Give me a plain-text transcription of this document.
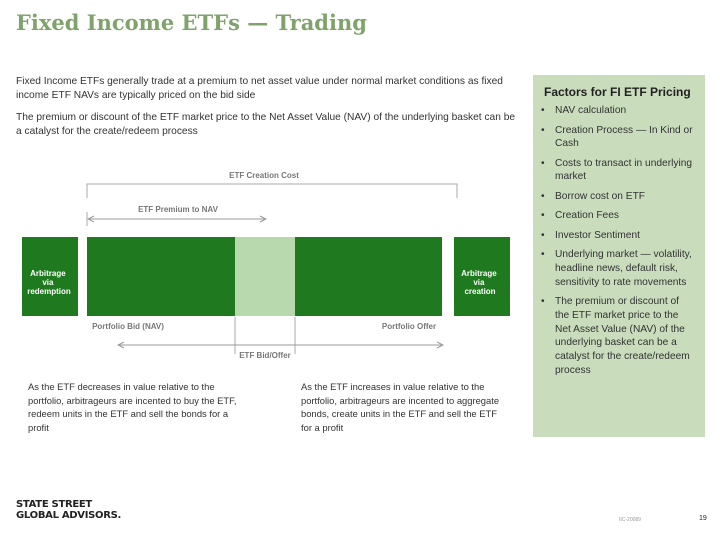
Fixed Income ETFs — Trading
Fixed Income ETFs generally trade at a premium to net asset value under normal market conditions as fixed income ETF NAVs are typically priced on the bid side
The premium or discount of the ETF market price to the Net Asset Value (NAV) of the underlying basket can be a catalyst for the create/redeem process
Factors for FI ETF Pricing
• NAV calculation
• Creation Process — In Kind or Cash
• Costs to transact in underlying market
• Borrow cost on ETF
• Creation Fees
• Investor Sentiment
• Underlying market — volatility, headline news, default risk, sensitivity to rate movements
• The premium or discount of the ETF market price to the Net Asset Value (NAV) of the underlying basket can be a catalyst for the create/redeem process
ETF Creation Cost
ETF Premium to NAV
Arbitrage via redemption
Arbitrage via creation
Portfolio Bid (NAV)	Portfolio Offer
ETF Bid/Offer
As the ETF decreases in value relative to the portfolio, arbitrageurs are incented to buy the ETF, redeem units in the ETF and sell the bonds for a profit
As the ETF increases in value relative to the portfolio, arbitrageurs are incented to aggregate bonds, create units in the ETF and sell the ETF for a profit
STATE STREET
GLOBAL ADVISORS.	IIC-20089	19
